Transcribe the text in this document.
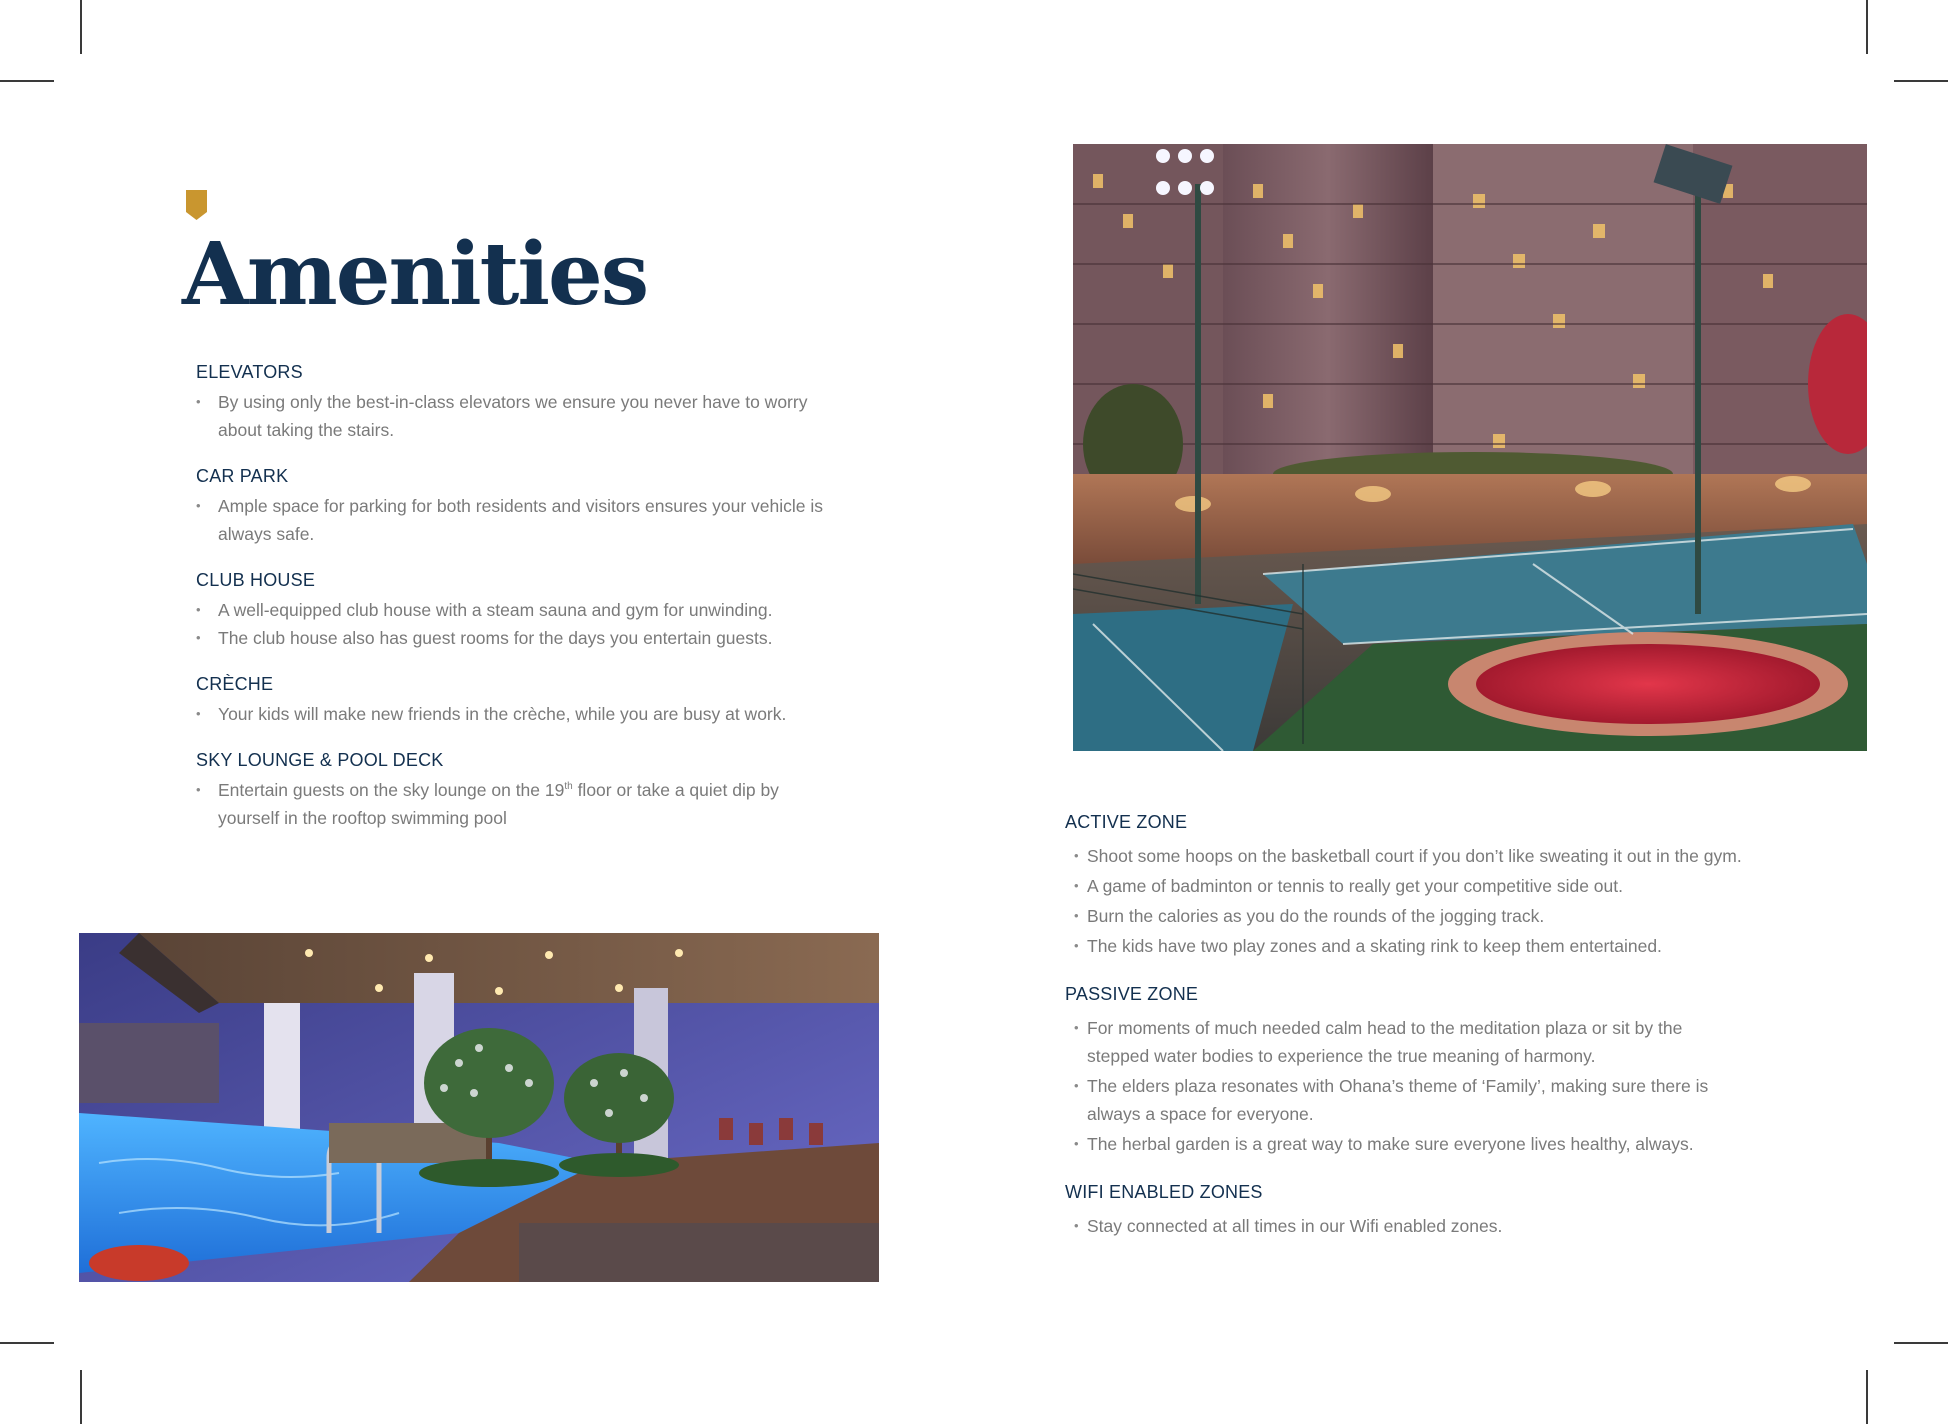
Amenities
ELEVATORS
• By using only the best-in-class elevators we ensure you never have to worry about taking the stairs.
CAR PARK
• Ample space for parking for both residents and visitors ensures your vehicle is always safe.
CLUB HOUSE
• A well-equipped club house with a steam sauna and gym for unwinding.
• The club house also has guest rooms for the days you entertain guests.
CRÈCHE
• Your kids will make new friends in the crèche, while you are busy at work.
SKY LOUNGE & POOL DECK
• Entertain guests on the sky lounge on the 19th floor or take a quiet dip by yourself in the rooftop swimming pool	ACTIVE ZONE
• Shoot some hoops on the basketball court if you don’t like sweating it out in the gym.
• A game of badminton or tennis to really get your competitive side out.
• Burn the calories as you do the rounds of the jogging track.
• The kids have two play zones and a skating rink to keep them entertained.
PASSIVE ZONE
• For moments of much needed calm head to the meditation plaza or sit by the stepped water bodies to experience the true meaning of harmony.
• The elders plaza resonates with Ohana’s theme of ‘Family’, making sure there is always a space for everyone.
• The herbal garden is a great way to make sure everyone lives healthy, always.
WIFI ENABLED ZONES
• Stay connected at all times in our Wifi enabled zones.
